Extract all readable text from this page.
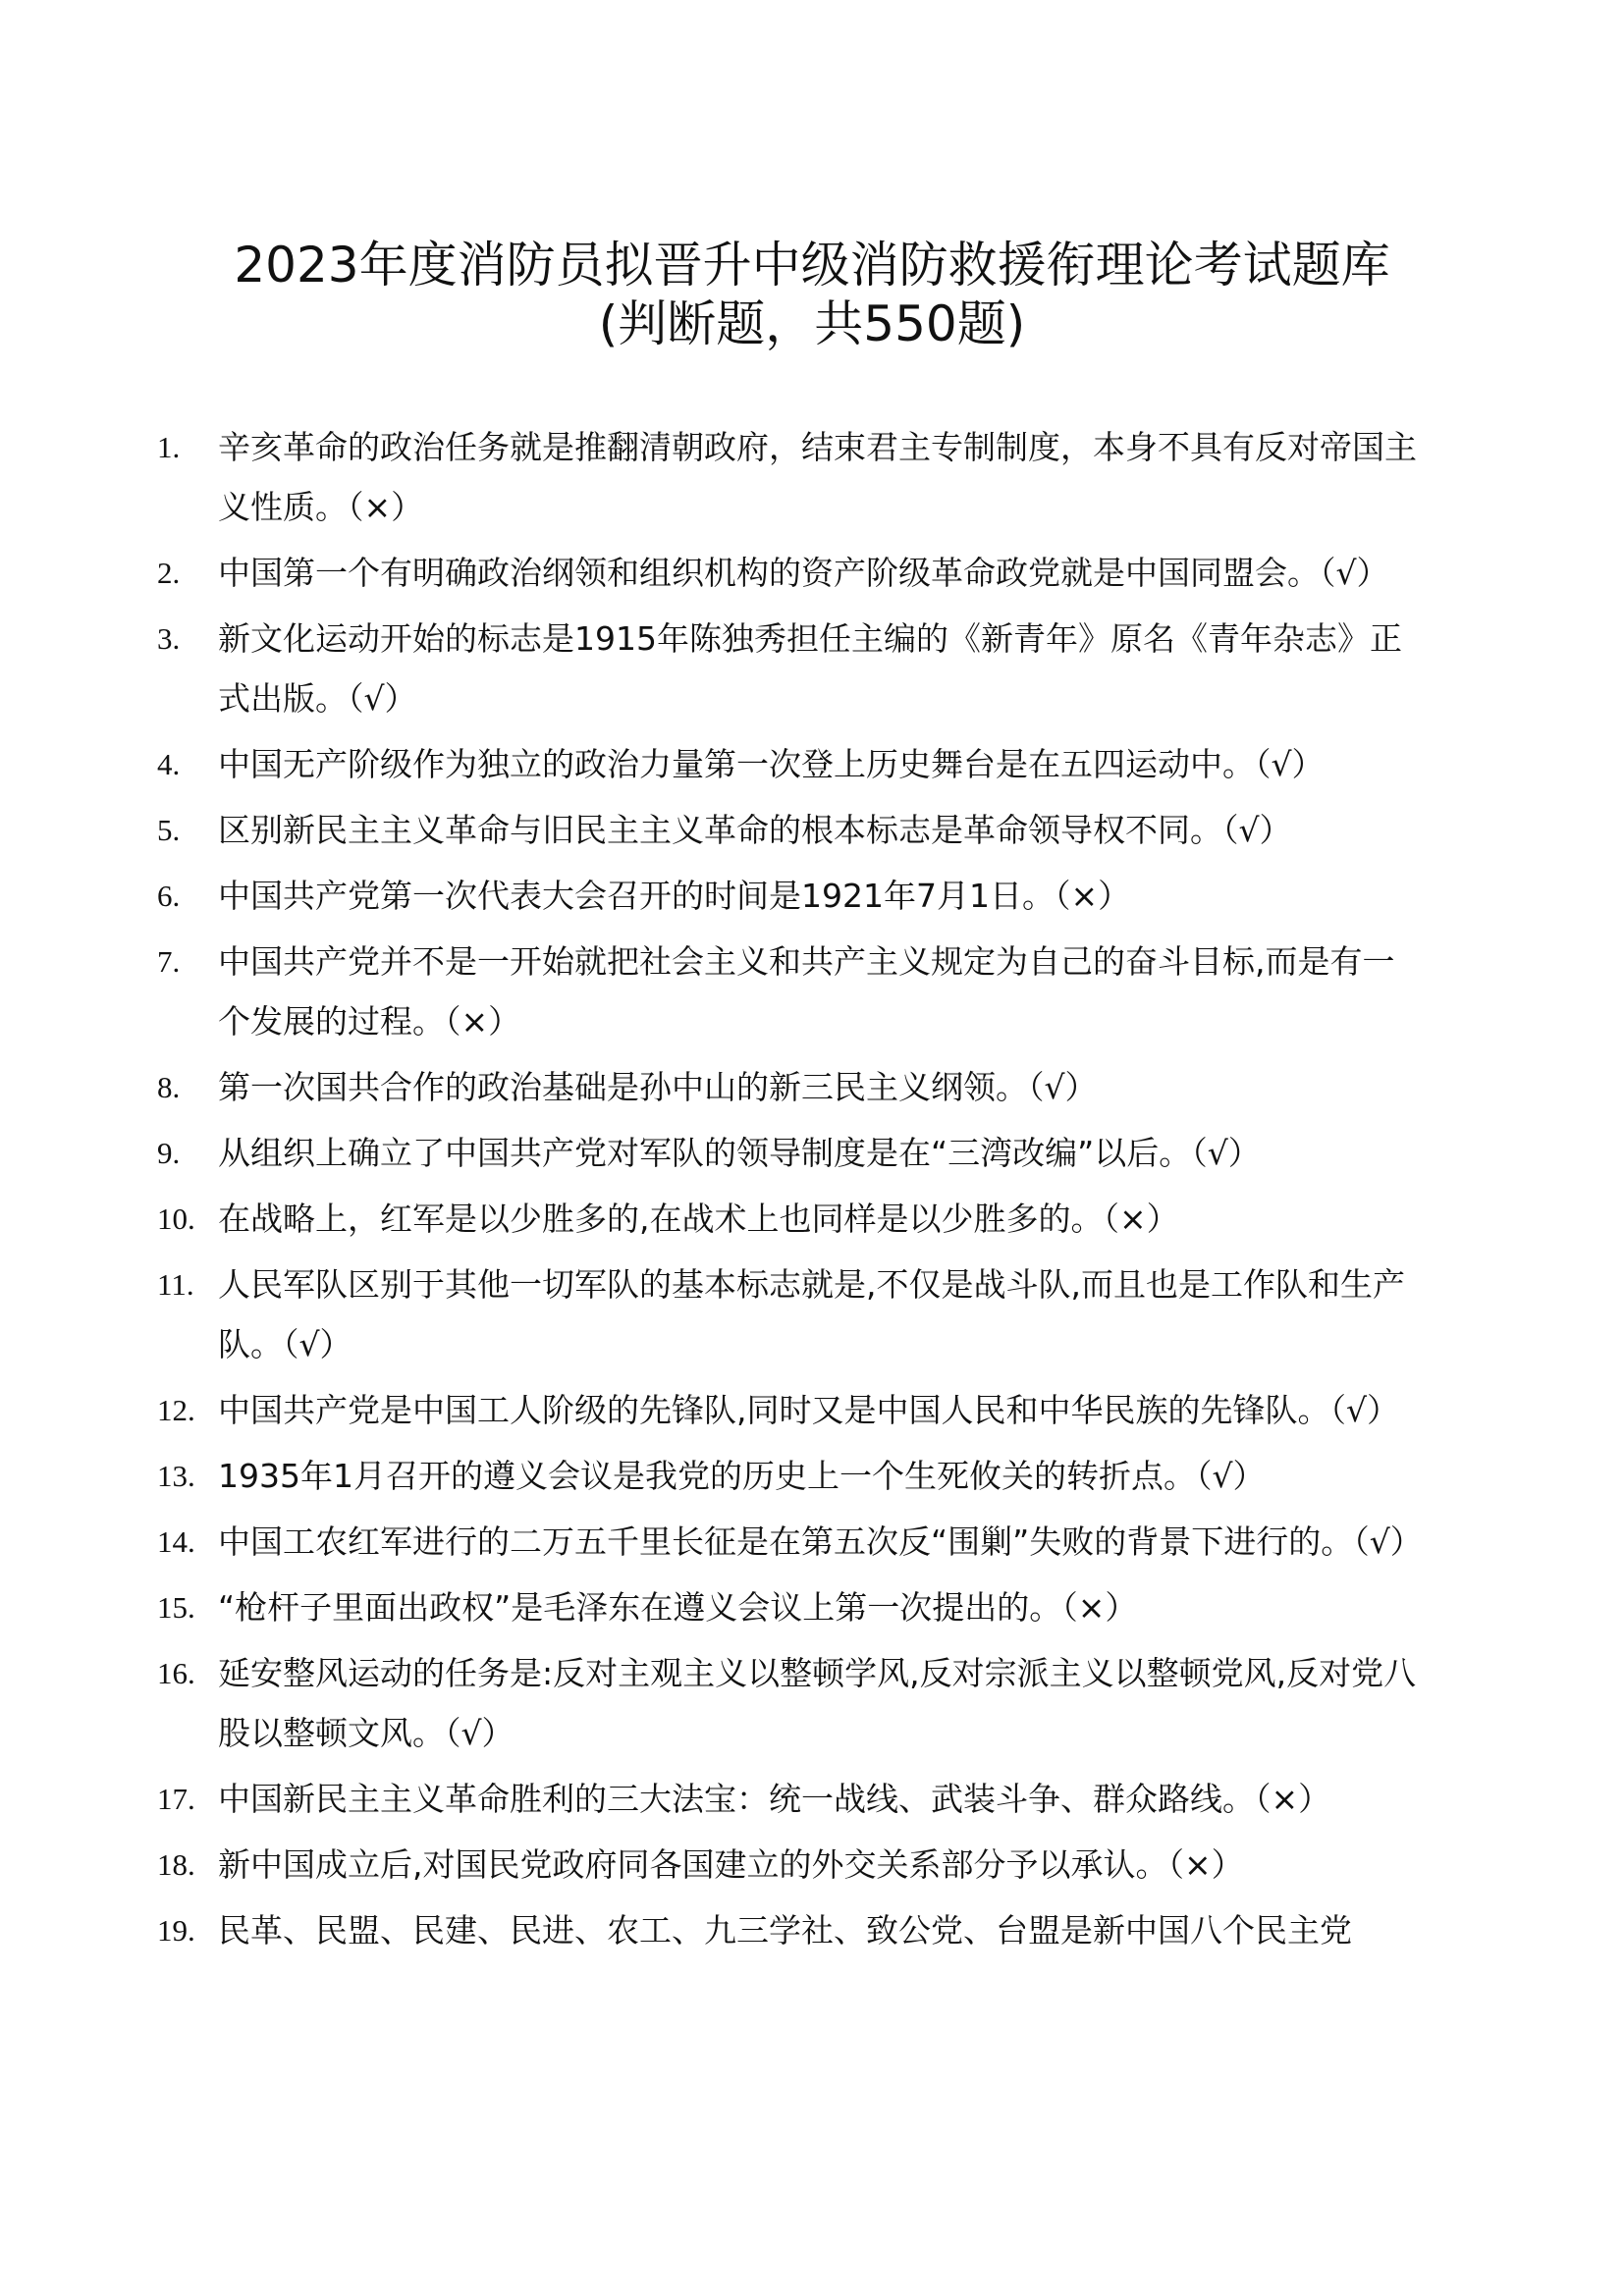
2023年度消防员拟晋升中级消防救援衔理论考试题库
(判断题，共550题)
1.	辛亥革命的政治任务就是推翻清朝政府，结束君主专制制度，本身不具有反对帝国主义性质。（×）
2.	中国第一个有明确政治纲领和组织机构的资产阶级革命政党就是中国同盟会。（√）
3.	新文化运动开始的标志是1915年陈独秀担任主编的《新青年》原名《青年杂志》正式出版。（√）
4.	中国无产阶级作为独立的政治力量第一次登上历史舞台是在五四运动中。（√）
5.	区别新民主主义革命与旧民主主义革命的根本标志是革命领导权不同。（√）
6.	中国共产党第一次代表大会召开的时间是1921年7月1日。（×）
7.	中国共产党并不是一开始就把社会主义和共产主义规定为自己的奋斗目标,而是有一个发展的过程。（×）
8.	第一次国共合作的政治基础是孙中山的新三民主义纲领。（√）
9.	从组织上确立了中国共产党对军队的领导制度是在“三湾改编”以后。（√）
10. 在战略上，红军是以少胜多的,在战术上也同样是以少胜多的。（×）
11. 人民军队区别于其他一切军队的基本标志就是,不仅是战斗队,而且也是工作队和生产队。（√）
12. 中国共产党是中国工人阶级的先锋队,同时又是中国人民和中华民族的先锋队。（√）
13. 1935年1月召开的遵义会议是我党的历史上一个生死攸关的转折点。（√）
14. 中国工农红军进行的二万五千里长征是在第五次反“围剿”失败的背景下进行的。（√）
15. “枪杆子里面出政权”是毛泽东在遵义会议上第一次提出的。（×）
16. 延安整风运动的任务是:反对主观主义以整顿学风,反对宗派主义以整顿党风,反对党八股以整顿文风。（√）
17. 中国新民主主义革命胜利的三大法宝：统一战线、武装斗争、群众路线。（×）
18. 新中国成立后,对国民党政府同各国建立的外交关系部分予以承认。（×）
19. 民革、民盟、民建、民进、农工、九三学社、致公党、台盟是新中国八个民主党
